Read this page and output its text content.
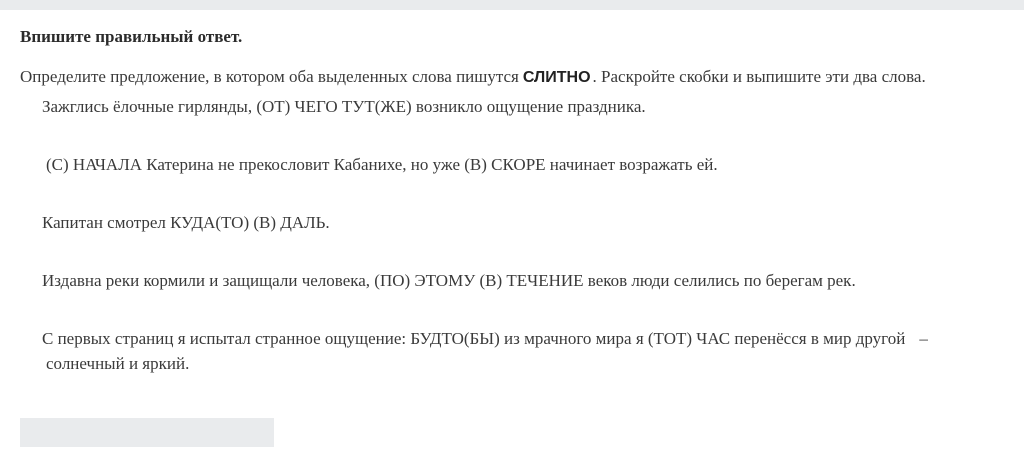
Впишите правильный ответ.
Определите предложение, в котором оба выделенных слова пишутся СЛИТНО . Раскройте скобки и выпишите эти два слова.
Зажглись ёлочные гирлянды, (ОТ) ЧЕГО ТУТ(ЖЕ) возникло ощущение праздника.
(С) НАЧАЛА Катерина не прекословит Кабанихе, но уже (В) СКОРЕ начинает возражать ей.
Капитан смотрел КУДА(ТО) (В) ДАЛЬ.
Издавна реки кормили и защищали человека, (ПО) ЭТОМУ (В) ТЕЧЕНИЕ веков люди селились по берегам рек.
С первых страниц я испытал странное ощущение: БУДТО(БЫ) из мрачного мира я (ТОТ) ЧАС перенёсся в мир другой –
солнечный и яркий.
